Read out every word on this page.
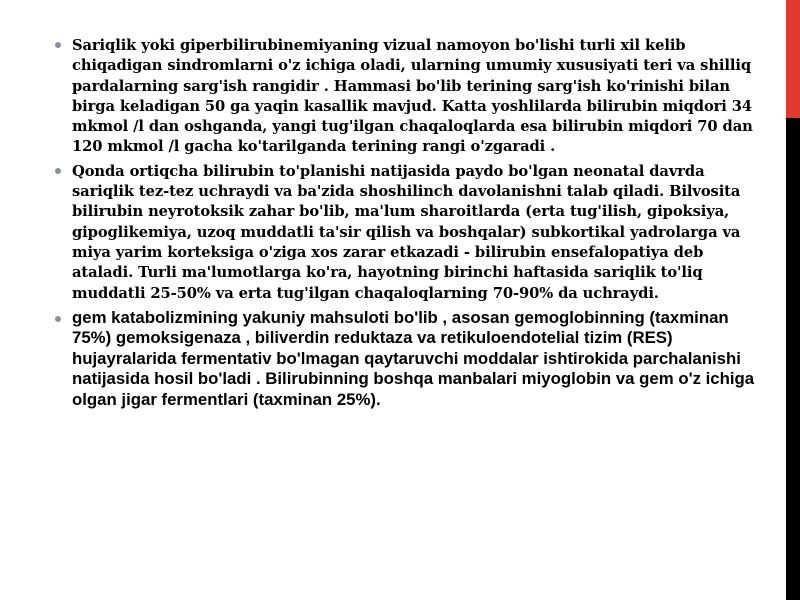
Sariqlik yoki giperbilirubinemiyaning vizual namoyon bo'lishi turli xil kelib chiqadigan sindromlarni o'z ichiga oladi, ularning umumiy xususiyati teri va shilliq pardalarning sarg'ish rangidir . Hammasi bo'lib terining sarg'ish ko'rinishi bilan birga keladigan 50 ga yaqin kasallik mavjud. Katta yoshlilarda bilirubin miqdori 34 mkmol /l dan oshganda, yangi tug'ilgan chaqaloqlarda esa bilirubin miqdori 70 dan 120 mkmol /l gacha ko'tarilganda terining rangi o'zgaradi .
Qonda ortiqcha bilirubin to'planishi natijasida paydo bo'lgan neonatal davrda sariqlik tez-tez uchraydi va ba'zida shoshilinch davolanishni talab qiladi. Bilvosita bilirubin neyrotoksik zahar bo'lib, ma'lum sharoitlarda (erta tug'ilish, gipoksiya, gipoglikemiya, uzoq muddatli ta'sir qilish va boshqalar) subkortikal yadrolarga va miya yarim korteksiga o'ziga xos zarar etkazadi - bilirubin ensefalopatiya deb ataladi. Turli ma'lumotlarga ko'ra, hayotning birinchi haftasida sariqlik to'liq muddatli 25-50% va erta tug'ilgan chaqaloqlarning 70-90% da uchraydi.
gem katabolizmining yakuniy mahsuloti bo'lib , asosan gemoglobinning (taxminan 75%) gemoksigenaza , biliverdin reduktaza va retikuloendotelial tizim (RES) hujayralarida fermentativ bo'lmagan qaytaruvchi moddalar ishtirokida parchalanishi natijasida hosil bo'ladi . Bilirubinning boshqa manbalari miyoglobin va gem o'z ichiga olgan jigar fermentlari (taxminan 25%).
